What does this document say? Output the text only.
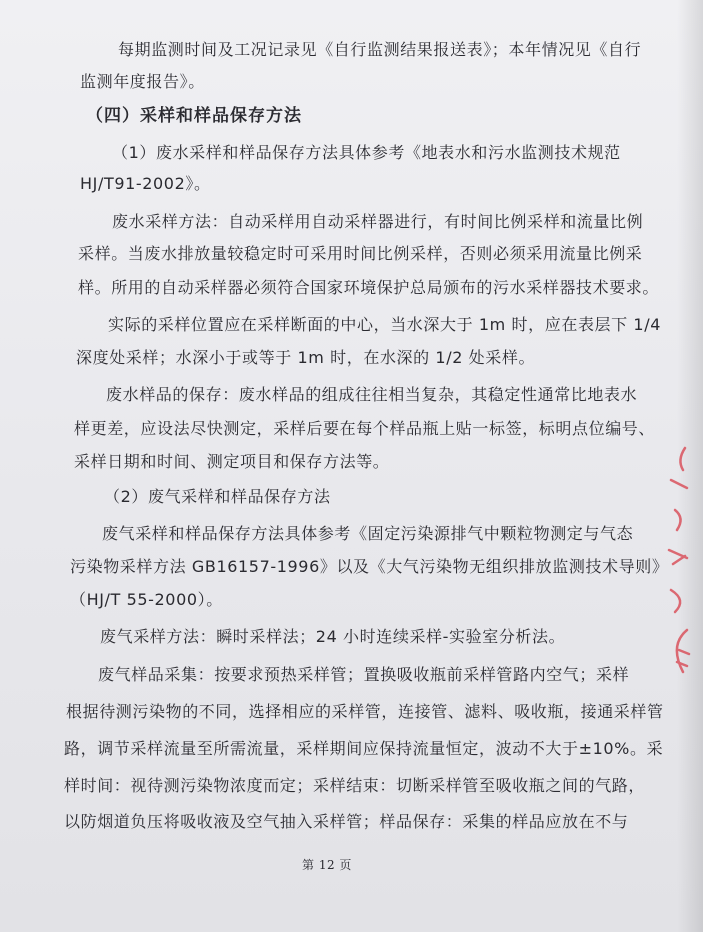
每期监测时间及工况记录见《自行监测结果报送表》；本年情况见《自行
监测年度报告》。
（四）采样和样品保存方法
（1）废水采样和样品保存方法具体参考《地表水和污水监测技术规范
HJ/T91-2002》。
废水采样方法：自动采样用自动采样器进行，有时间比例采样和流量比例
采样。当废水排放量较稳定时可采用时间比例采样，否则必须采用流量比例采
样。所用的自动采样器必须符合国家环境保护总局颁布的污水采样器技术要求。
实际的采样位置应在采样断面的中心，当水深大于 1m 时，应在表层下 1/4
深度处采样；水深小于或等于 1m 时，在水深的 1/2 处采样。
废水样品的保存：废水样品的组成往往相当复杂，其稳定性通常比地表水
样更差，应设法尽快测定，采样后要在每个样品瓶上贴一标签，标明点位编号、
采样日期和时间、测定项目和保存方法等。
（2）废气采样和样品保存方法
废气采样和样品保存方法具体参考《固定污染源排气中颗粒物测定与气态
污染物采样方法 GB16157-1996》以及《大气污染物无组织排放监测技术导则》
（HJ/T 55-2000）。
废气采样方法：瞬时采样法；24 小时连续采样-实验室分析法。
废气样品采集：按要求预热采样管；置换吸收瓶前采样管路内空气；采样
根据待测污染物的不同，选择相应的采样管，连接管、滤料、吸收瓶，接通采样管
路，调节采样流量至所需流量，采样期间应保持流量恒定，波动不大于±10%。采
样时间：视待测污染物浓度而定；采样结束：切断采样管至吸收瓶之间的气路，
以防烟道负压将吸收液及空气抽入采样管；样品保存：采集的样品应放在不与
第 12 页
